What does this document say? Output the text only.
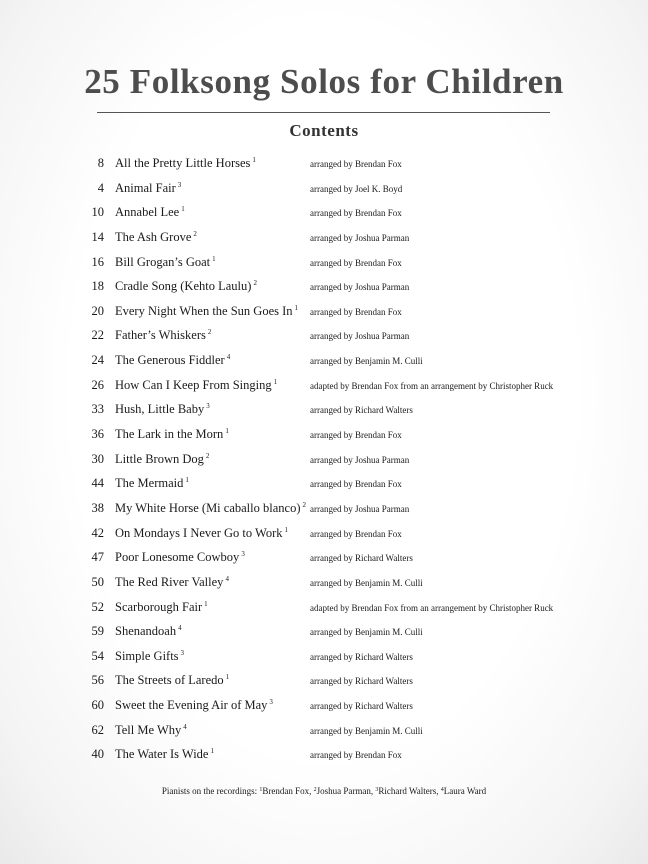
25 Folksong Solos for Children
Contents
8 All the Pretty Little Horses $^1$	arranged by Brendan Fox
4 Animal Fair $^3$	arranged by Joel K. Boyd
10 Annabel Lee $^1$	arranged by Brendan Fox
14 The Ash Grove $^2$	arranged by Joshua Parman
16 Bill Grogan’s Goat $^1$	arranged by Brendan Fox
18 Cradle Song (Kehto Laulu) $^2$	arranged by Joshua Parman
20 Every Night When the Sun Goes In $^1$ arranged by Brendan Fox
22 Father’s Whiskers $^2$	arranged by Joshua Parman
24 The Generous Fiddler $^4$	arranged by Benjamin M. Culli
26 How Can I Keep From Singing $^1$	adapted by Brendan Fox from an arrangement by Christopher Ruck
33 Hush, Little Baby $^3$	arranged by Richard Walters
36 The Lark in the Morn $^1$	arranged by Brendan Fox
30 Little Brown Dog $^2$	arranged by Joshua Parman
44 The Mermaid $^1$	arranged by Brendan Fox
38 My White Horse (Mi caballo blanco) $^2$ arranged by Joshua Parman
42 On Mondays I Never Go to Work $^1$ arranged by Brendan Fox
47 Poor Lonesome Cowboy $^3$	arranged by Richard Walters
50 The Red River Valley $^4$	arranged by Benjamin M. Culli
52 Scarborough Fair $^1$	adapted by Brendan Fox from an arrangement by Christopher Ruck
59 Shenandoah $^4$	arranged by Benjamin M. Culli
54 Simple Gifts $^3$	arranged by Richard Walters
56 The Streets of Laredo $^1$	arranged by Richard Walters
60 Sweet the Evening Air of May $^3$	arranged by Richard Walters
62 Tell Me Why $^4$	arranged by Benjamin M. Culli
40 The Water Is Wide $^1$	arranged by Brendan Fox
Pianists on the recordings: $^1$Brendan Fox, $^2$Joshua Parman, $^3$Richard Walters, $^4$Laura Ward
